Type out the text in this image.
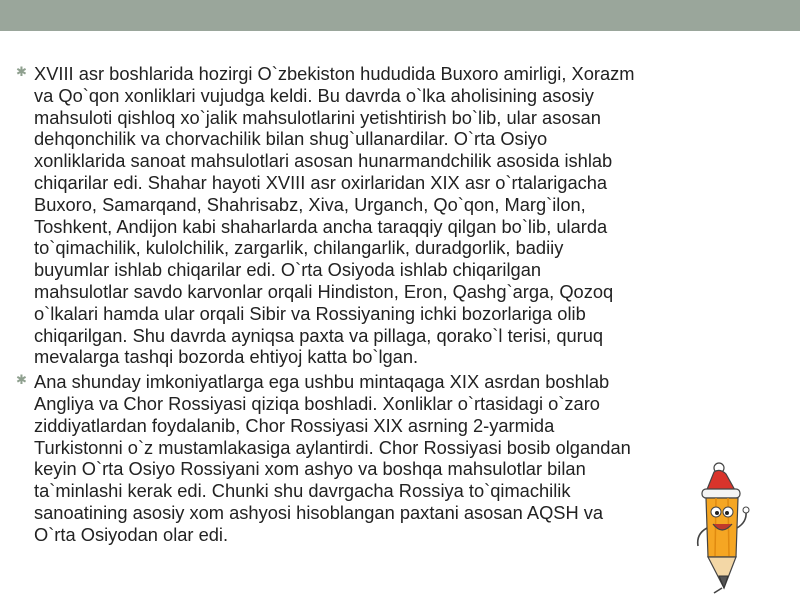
✱ XVIII asr boshlarida hozirgi O`zbekiston hududida Buxoro amirligi, Xorazm
va Qo`qon xonliklari vujudga keldi. Bu davrda o`lka aholisining asosiy
mahsuloti qishloq xo`jalik mahsulotlarini yetishtirish bo`lib, ular asosan
dehqonchilik va chorvachilik bilan shug`ullanardilar. O`rta Osiyo
xonliklarida sanoat mahsulotlari asosan hunarmandchilik asosida ishlab
chiqarilar edi. Shahar hayoti XVIII asr oxirlaridan XIX asr o`rtalarigacha
Buxoro, Samarqand, Shahrisabz, Xiva, Urganch, Qo`qon, Marg`ilon,
Toshkent, Andijon kabi shaharlarda ancha taraqqiy qilgan bo`lib, ularda
to`qimachilik, kulolchilik, zargarlik, chilangarlik, duradgorlik, badiiy
buyumlar ishlab chiqarilar edi. O`rta Osiyoda ishlab chiqarilgan
mahsulotlar savdo karvonlar orqali Hindiston, Eron, Qashg`arga, Qozoq
o`lkalari hamda ular orqali Sibir va Rossiyaning ichki bozorlariga olib
chiqarilgan. Shu davrda ayniqsa paxta va pillaga, qorako`l terisi, quruq
mevalarga tashqi bozorda ehtiyoj katta bo`lgan.
✱ Ana shunday imkoniyatlarga ega ushbu mintaqaga XIX asrdan boshlab
Angliya va Chor Rossiyasi qiziqa boshladi. Xonliklar o`rtasidagi o`zaro
ziddiyatlardan foydalanib, Chor Rossiyasi XIX asrning 2-yarmida
Turkistonni o`z mustamlakasiga aylantirdi. Chor Rossiyasi bosib olgandan
keyin O`rta Osiyo Rossiyani xom ashyo va boshqa mahsulotlar bilan
ta`minlashi kerak edi. Chunki shu davrgacha Rossiya to`qimachilik
sanoatining asosiy xom ashyosi hisoblangan paxtani asosan AQSH va
O`rta Osiyodan olar edi.
